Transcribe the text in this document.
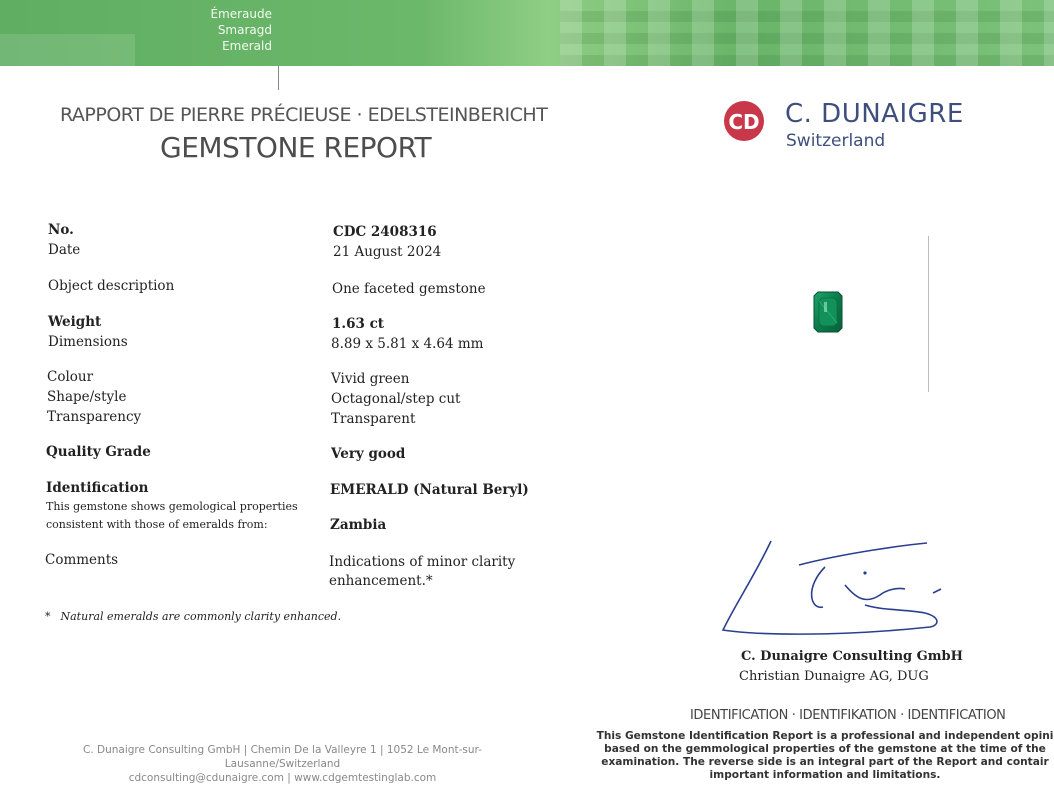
Émeraude
Smaragd
Emerald
RAPPORT DE PIERRE PRÉCIEUSE · EDELSTEINBERICHT
GEMSTONE REPORT
CD C. DUNAIGRE
Switzerland
No.
Date
Object description
Weight
Dimensions
Colour
Shape/style
Transparency
Quality Grade
Identification
This gemstone shows gemological properties
consistent with those of emeralds from:
Comments
CDC 2408316
21 August 2024
One faceted gemstone
1.63 ct
8.89 x 5.81 x 4.64 mm
Vivid green
Octagonal/step cut
Transparent
Very good
EMERALD (Natural Beryl)
Zambia
Indications of minor clarity
enhancement.*
* Natural emeralds are commonly clarity enhanced.
C. Dunaigre Consulting GmbH
Christian Dunaigre AG, DUG
IDENTIFICATION · IDENTIFIKATION · IDENTIFICATION
This Gemstone Identification Report is a professional and independent opini
based on the gemmological properties of the gemstone at the time of the
examination. The reverse side is an integral part of the Report and contair
important information and limitations.
C. Dunaigre Consulting GmbH | Chemin De la Valleyre 1 | 1052 Le Mont-sur-Lausanne/Switzerland
cdconsulting@cdunaigre.com | www.cdgemtestinglab.com
